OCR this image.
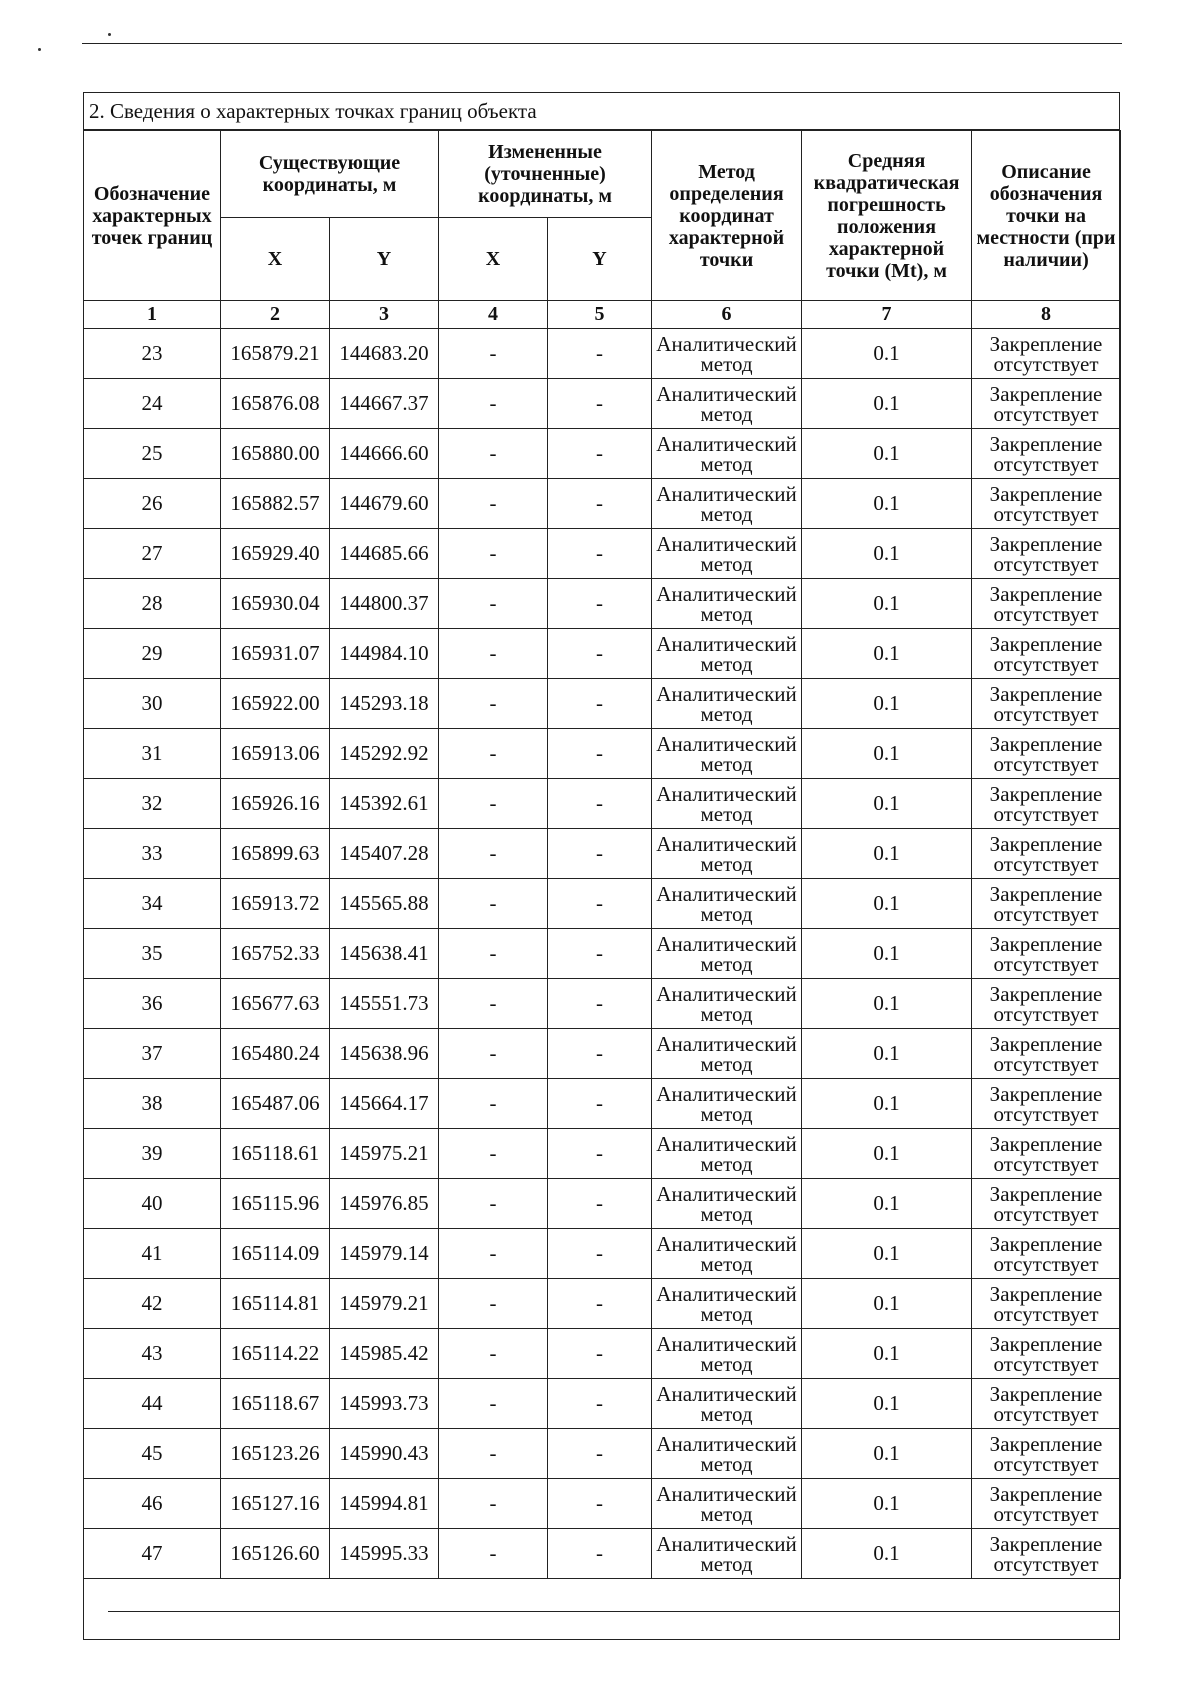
2. Сведения о характерных точках границ объекта
Обозначение характерных точек границ	Существующие координаты, м		Измененные (уточненные) координаты, м		Метод определения координат характерной точки	Средняя квадратическая погрешность положения характерной точки (Mt), м	Описание обозначения точки на местности (при наличии)
	X	Y	X	Y			
1	2	3	4	5	6	7	8
23	165879.21	144683.20	-	-	Аналитический метод	0.1	Закрепление отсутствует
24	165876.08	144667.37	-	-	Аналитический метод	0.1	Закрепление отсутствует
25	165880.00	144666.60	-	-	Аналитический метод	0.1	Закрепление отсутствует
26	165882.57	144679.60	-	-	Аналитический метод	0.1	Закрепление отсутствует
27	165929.40	144685.66	-	-	Аналитический метод	0.1	Закрепление отсутствует
28	165930.04	144800.37	-	-	Аналитический метод	0.1	Закрепление отсутствует
29	165931.07	144984.10	-	-	Аналитический метод	0.1	Закрепление отсутствует
30	165922.00	145293.18	-	-	Аналитический метод	0.1	Закрепление отсутствует
31	165913.06	145292.92	-	-	Аналитический метод	0.1	Закрепление отсутствует
32	165926.16	145392.61	-	-	Аналитический метод	0.1	Закрепление отсутствует
33	165899.63	145407.28	-	-	Аналитический метод	0.1	Закрепление отсутствует
34	165913.72	145565.88	-	-	Аналитический метод	0.1	Закрепление отсутствует
35	165752.33	145638.41	-	-	Аналитический метод	0.1	Закрепление отсутствует
36	165677.63	145551.73	-	-	Аналитический метод	0.1	Закрепление отсутствует
37	165480.24	145638.96	-	-	Аналитический метод	0.1	Закрепление отсутствует
38	165487.06	145664.17	-	-	Аналитический метод	0.1	Закрепление отсутствует
39	165118.61	145975.21	-	-	Аналитический метод	0.1	Закрепление отсутствует
40	165115.96	145976.85	-	-	Аналитический метод	0.1	Закрепление отсутствует
41	165114.09	145979.14	-	-	Аналитический метод	0.1	Закрепление отсутствует
42	165114.81	145979.21	-	-	Аналитический метод	0.1	Закрепление отсутствует
43	165114.22	145985.42	-	-	Аналитический метод	0.1	Закрепление отсутствует
44	165118.67	145993.73	-	-	Аналитический метод	0.1	Закрепление отсутствует
45	165123.26	145990.43	-	-	Аналитический метод	0.1	Закрепление отсутствует
46	165127.16	145994.81	-	-	Аналитический метод	0.1	Закрепление отсутствует
47	165126.60	145995.33	-	-	Аналитический метод	0.1	Закрепление отсутствует
